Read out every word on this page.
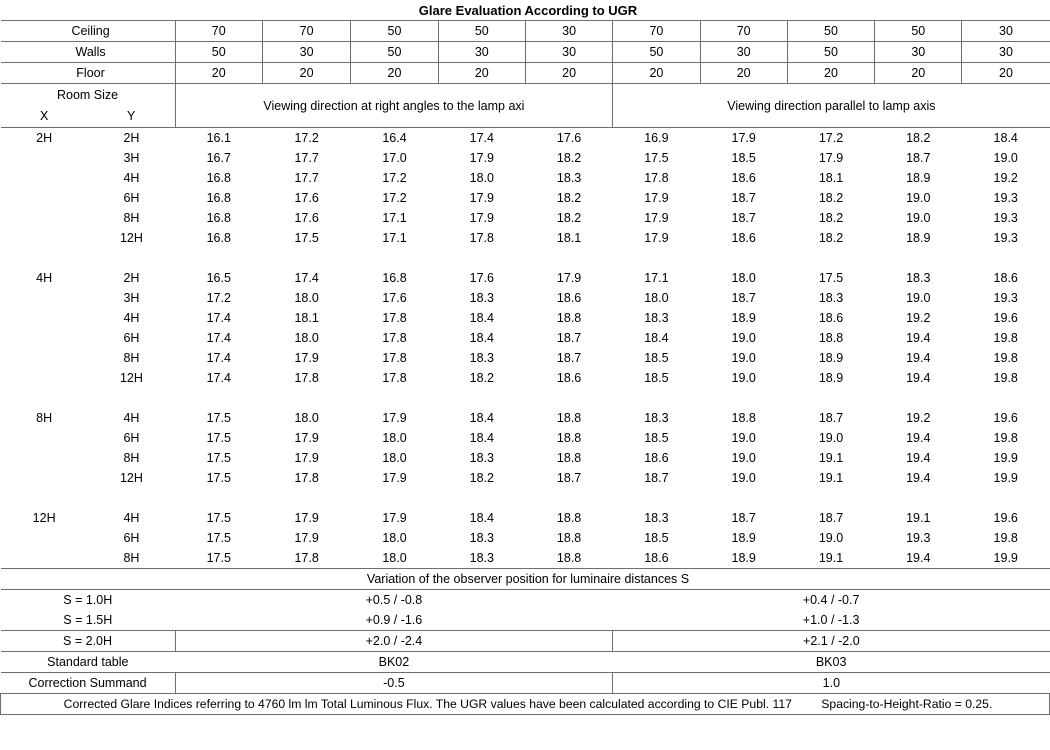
Glare Evaluation According to UGR											
Ceiling		70	70	50	50	30	70	70	50	50	30
Walls		50	30	50	30	30	50	30	50	30	30
Floor		20	20	20	20	20	20	20	20	20	20
Room Size		Viewing direction at right angles to the lamp axi					Viewing direction parallel to lamp axis				
X	Y										
2H	2H	16.1	17.2	16.4	17.4	17.6	16.9	17.9	17.2	18.2	18.4
	3H	16.7	17.7	17.0	17.9	18.2	17.5	18.5	17.9	18.7	19.0
	4H	16.8	17.7	17.2	18.0	18.3	17.8	18.6	18.1	18.9	19.2
	6H	16.8	17.6	17.2	17.9	18.2	17.9	18.7	18.2	19.0	19.3
	8H	16.8	17.6	17.1	17.9	18.2	17.9	18.7	18.2	19.0	19.3
	12H	16.8	17.5	17.1	17.8	18.1	17.9	18.6	18.2	18.9	19.3

4H	2H	16.5	17.4	16.8	17.6	17.9	17.1	18.0	17.5	18.3	18.6
	3H	17.2	18.0	17.6	18.3	18.6	18.0	18.7	18.3	19.0	19.3
	4H	17.4	18.1	17.8	18.4	18.8	18.3	18.9	18.6	19.2	19.6
	6H	17.4	18.0	17.8	18.4	18.7	18.4	19.0	18.8	19.4	19.8
	8H	17.4	17.9	17.8	18.3	18.7	18.5	19.0	18.9	19.4	19.8
	12H	17.4	17.8	17.8	18.2	18.6	18.5	19.0	18.9	19.4	19.8

8H	4H	17.5	18.0	17.9	18.4	18.8	18.3	18.8	18.7	19.2	19.6
	6H	17.5	17.9	18.0	18.4	18.8	18.5	19.0	19.0	19.4	19.8
	8H	17.5	17.9	18.0	18.3	18.8	18.6	19.0	19.1	19.4	19.9
	12H	17.5	17.8	17.9	18.2	18.7	18.7	19.0	19.1	19.4	19.9

12H	4H	17.5	17.9	17.9	18.4	18.8	18.3	18.7	18.7	19.1	19.6
	6H	17.5	17.9	18.0	18.3	18.8	18.5	18.9	19.0	19.3	19.8
	8H	17.5	17.8	18.0	18.3	18.8	18.6	18.9	19.1	19.4	19.9
Variation of the observer position for luminaire distances S											
S = 1.0H		+0.5 / -0.8					+0.4 / -0.7				
S = 1.5H		+0.9 / -1.6					+1.0 / -1.3				
S = 2.0H		+2.0 / -2.4					+2.1 / -2.0				
Standard table		BK02					BK03				
Correction Summand		-0.5					1.0				
Corrected Glare Indices referring to 4760 lm lm Total Luminous Flux. The UGR values have been calculated according to CIE Publ. 117 Spacing-to-Height-Ratio = 0.25.											
